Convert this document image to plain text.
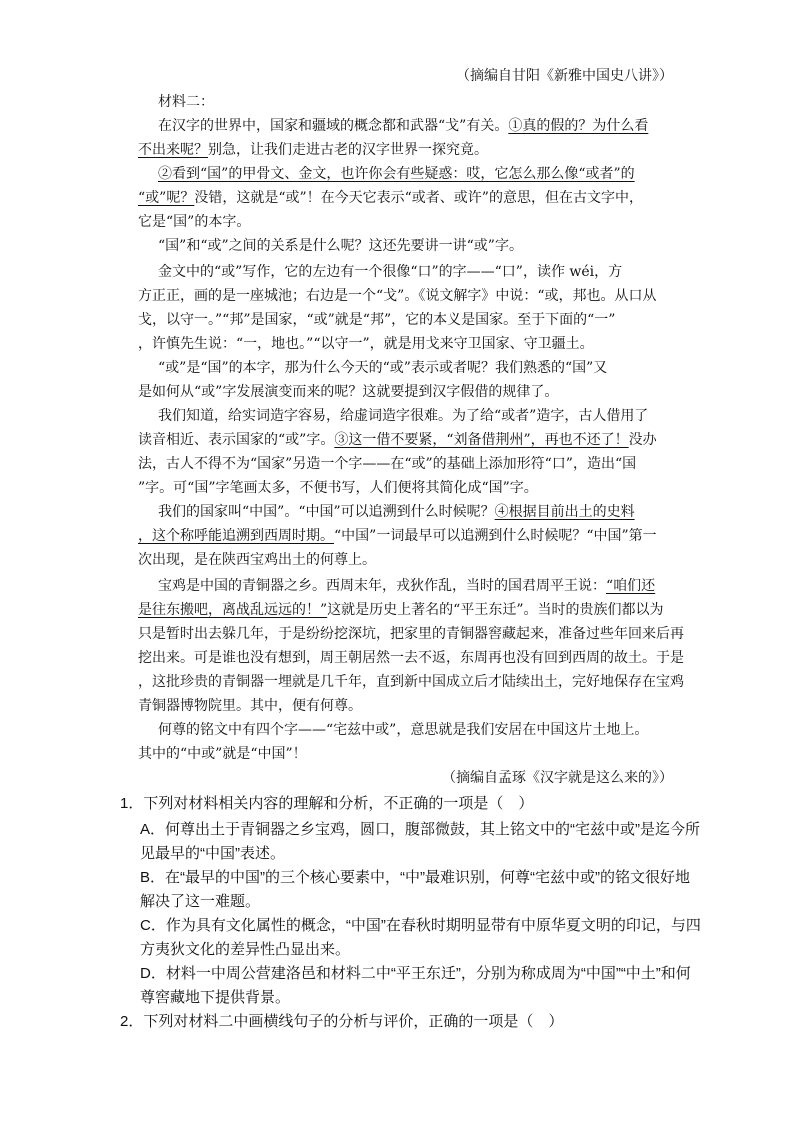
（摘编自甘阳《新雅中国史八讲》）
材料二：
在汉字的世界中，国家和疆域的概念都和武器“戈”有关。①真的假的？为什么看
不出来呢？别急，让我们走进古老的汉字世界一探究竟。
②看到“国”的甲骨文、金文，也许你会有些疑惑：哎，它怎么那么像“或者”的
“或”呢？没错，这就是“或”！在今天它表示“或者、或许”的意思，但在古文字中，
它是“国”的本字。
“国”和“或”之间的关系是什么呢？这还先要讲一讲“或”字。
金文中的“或”写作，它的左边有一个很像“口”的字——“口”，读作 wéi，方
方正正，画的是一座城池；右边是一个“戈”。《说文解字》中说：“或，邦也。从口从
戈，以守一。”“邦”是国家，“或”就是“邦”，它的本义是国家。至于下面的“一”
，许慎先生说：“一，地也。”“以守一”，就是用戈来守卫国家、守卫疆土。
“或”是“国”的本字，那为什么今天的“或”表示或者呢？我们熟悉的“国”又
是如何从“或”字发展演变而来的呢？这就要提到汉字假借的规律了。
我们知道，给实词造字容易，给虚词造字很难。为了给“或者”造字，古人借用了
读音相近、表示国家的“或”字。③这一借不要紧，“刘备借荆州”，再也不还了！没办
法，古人不得不为“国家”另造一个字——在“或”的基础上添加形符“口”，造出“国
”字。可“国”字笔画太多，不便书写，人们便将其简化成“国”字。
我们的国家叫“中国”。“中国”可以追溯到什么时候呢？④根据目前出土的史料
，这个称呼能追溯到西周时期。“中国”一词最早可以追溯到什么时候呢？“中国”第一
次出现，是在陕西宝鸡出土的何尊上。
宝鸡是中国的青铜器之乡。西周末年，戎狄作乱，当时的国君周平王说：“咱们还
是往东搬吧，离战乱远远的！”这就是历史上著名的“平王东迁”。当时的贵族们都以为
只是暂时出去躲几年，于是纷纷挖深坑，把家里的青铜器窖藏起来，准备过些年回来后再
挖出来。可是谁也没有想到，周王朝居然一去不返，东周再也没有回到西周的故土。于是
，这批珍贵的青铜器一埋就是几千年，直到新中国成立后才陆续出土，完好地保存在宝鸡
青铜器博物院里。其中，便有何尊。
何尊的铭文中有四个字——“宅兹中或”，意思就是我们安居在中国这片土地上。
其中的“中或”就是“中国”！
（摘编自孟琢《汉字就是这么来的》）
1．下列对材料相关内容的理解和分析，不正确的一项是（　）
A．何尊出土于青铜器之乡宝鸡，圆口，腹部微鼓，其上铭文中的“宅兹中或”是迄今所
见最早的“中国”表述。
B．在“最早的中国”的三个核心要素中，“中”最难识别，何尊“宅兹中或”的铭文很好地
解决了这一难题。
C．作为具有文化属性的概念，“中国”在春秋时期明显带有中原华夏文明的印记，与四
方夷狄文化的差异性凸显出来。
D．材料一中周公营建洛邑和材料二中“平王东迁”，分别为称成周为“中国”“中土”和何
尊窖藏地下提供背景。
2．下列对材料二中画横线句子的分析与评价，正确的一项是（　）
